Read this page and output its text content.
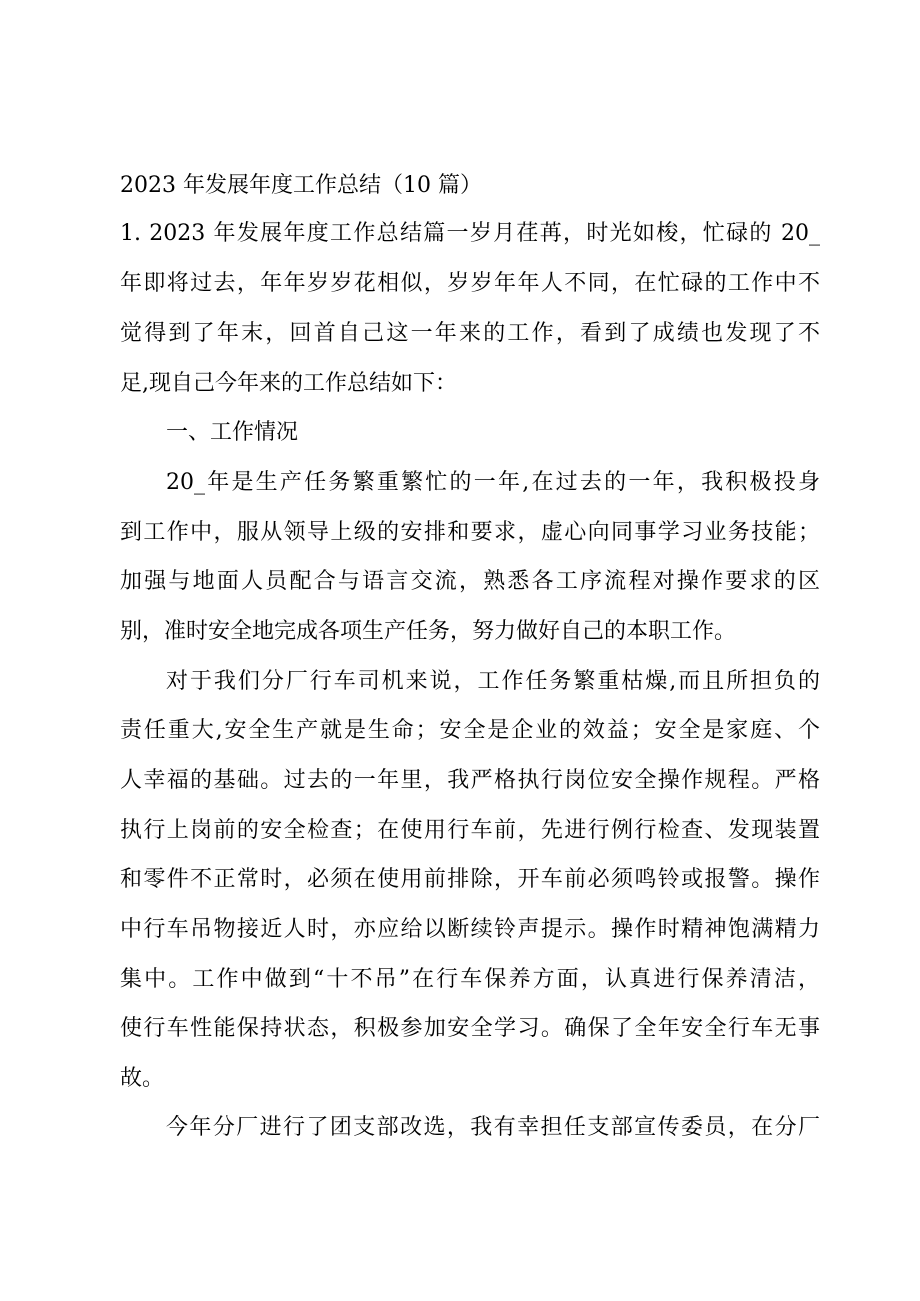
2023 年发展年度工作总结（10 篇）
1. 2023 年发展年度工作总结篇一岁月荏苒，时光如梭，忙碌的 20_
年即将过去，年年岁岁花相似，岁岁年年人不同，在忙碌的工作中不
觉得到了年末，回首自己这一年来的工作，看到了成绩也发现了不
足,现自己今年来的工作总结如下：
一、工作情况
20_年是生产任务繁重繁忙的一年,在过去的一年，我积极投身
到工作中，服从领导上级的安排和要求，虚心向同事学习业务技能；
加强与地面人员配合与语言交流，熟悉各工序流程对操作要求的区
别，准时安全地完成各项生产任务，努力做好自己的本职工作。
对于我们分厂行车司机来说，工作任务繁重枯燥,而且所担负的
责任重大,安全生产就是生命；安全是企业的效益；安全是家庭、个
人幸福的基础。过去的一年里，我严格执行岗位安全操作规程。严格
执行上岗前的安全检查；在使用行车前，先进行例行检查、发现装置
和零件不正常时，必须在使用前排除，开车前必须鸣铃或报警。操作
中行车吊物接近人时，亦应给以断续铃声提示。操作时精神饱满精力
集中。工作中做到“十不吊”在行车保养方面，认真进行保养清洁，
使行车性能保持状态，积极参加安全学习。确保了全年安全行车无事
故。
今年分厂进行了团支部改选，我有幸担任支部宣传委员，在分厂
